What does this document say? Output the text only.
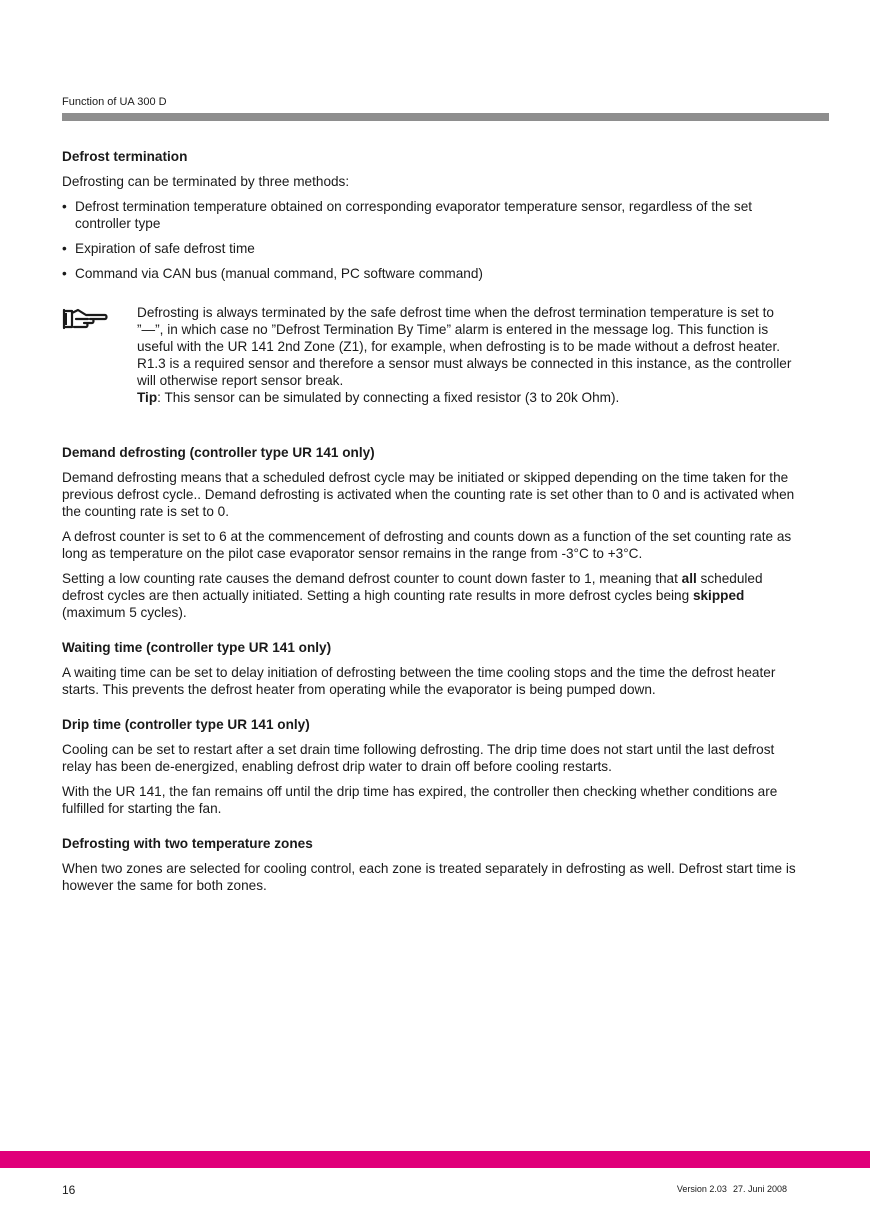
Function of UA 300 D
Defrost termination

Defrosting can be terminated by three methods:

• Defrost termination temperature obtained on corresponding evaporator temperature sensor, regardless of the set controller type
• Expiration of safe defrost time
• Command via CAN bus (manual command, PC software command)
Defrosting is always terminated by the safe defrost time when the defrost termination temperature is set to ”—”, in which case no ”Defrost Termination By Time” alarm is entered in the message log. This function is useful with the UR 141 2nd Zone (Z1), for example, when defrosting is to be made without a defrost heater. R1.3 is a required sensor and therefore a sensor must always be connected in this instance, as the controller will otherwise report sensor break.
Tip: This sensor can be simulated by connecting a fixed resistor (3 to 20k Ohm).
Demand defrosting (controller type UR 141 only)

Demand defrosting means that a scheduled defrost cycle may be initiated or skipped depending on the time taken for the previous defrost cycle.. Demand defrosting is activated when the counting rate is set other than to 0 and is activated when the counting rate is set to 0.

A defrost counter is set to 6 at the commencement of defrosting and counts down as a function of the set counting rate as long as temperature on the pilot case evaporator sensor remains in the range from -3°C to +3°C.

Setting a low counting rate causes the demand defrost counter to count down faster to 1, meaning that all scheduled defrost cycles are then actually initiated. Setting a high counting rate results in more defrost cycles being skipped (maximum 5 cycles).

Waiting time (controller type UR 141 only)

A waiting time can be set to delay initiation of defrosting between the time cooling stops and the time the defrost heater starts. This prevents the defrost heater from operating while the evaporator is being pumped down.

Drip time (controller type UR 141 only)

Cooling can be set to restart after a set drain time following defrosting. The drip time does not start until the last defrost relay has been de-energized, enabling defrost drip water to drain off before cooling restarts.

With the UR 141, the fan remains off until the drip time has expired, the controller then checking whether conditions are fulfilled for starting the fan.

Defrosting with two temperature zones

When two zones are selected for cooling control, each zone is treated separately in defrosting as well. Defrost start time is however the same for both zones.

16	Version 2.03 27. Juni 2008
